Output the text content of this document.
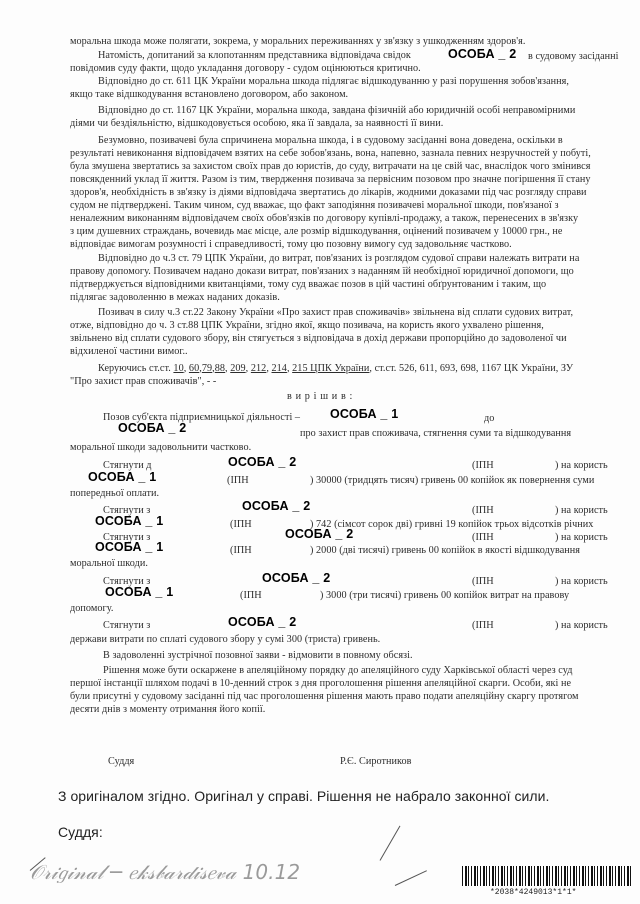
моральна шкода може полягати, зокрема, у моральних переживаннях у зв'язку з ушкодженням здоров'я.
Натомість, допитаний за клопотанням представника відповідача свідок	ОСОБА _ 2 в судовому засіданні
повідомив суду факти, щодо укладання договору - судом оцінюються критично.
Відповідно до ст. 611 ЦК України моральна шкода підлягає відшкодуванню у разі порушення зобов'язання,
якщо таке відшкодування встановлено договором, або законом.
Відповідно до ст. 1167 ЦК України, моральна шкода, завдана фізичній або юридичній особі неправомірними
діями чи бездіяльністю, відшкодовується особою, яка її завдала, за наявності її вини.
Безумовно, позивачеві була спричинена моральна шкода, і в судовому засіданні вона доведена, оскільки в
результаті невиконання відповідачем взятих на себе зобов'язань, вона, напевно, зазнала певних незручностей у побуті,
була змушена звертатись за захистом своїх прав до юристів, до суду, витрачати на це свій час, внаслідок чого змінився
повсякденний уклад її життя. Разом із тим, твердження позивача за первісним позовом про значне погіршення її стану
здоров'я, необхідність в зв'язку із діями відповідача звертатись до лікарів, жодними доказами під час розгляду справи
судом не підтверджені. Таким чином, суд вважає, що факт заподіяння позивачеві моральної шкоди, пов'язаної з
неналежним виконанням відповідачем своїх обов'язків по договору купівлі-продажу, а також, перенесених в зв'язку
з цим душевних страждань, вочевидь має місце, але розмір відшкодування, оцінений позивачем у 10000 грн., не
відповідає вимогам розумності і справедливості, тому цю позовну вимогу суд задовольняє частково.
Відповідно до ч.3 ст. 79 ЦПК України, до витрат, пов'язаних із розглядом судової справи належать витрати на
правову допомогу. Позивачем надано докази витрат, пов'язаних з наданням їй необхідної юридичної допомоги, що
підтверджується відповідними квитанціями, тому суд вважає позов в цій частині обґрунтованим і таким, що
підлягає задоволенню в межах наданих доказів.
Позивач в силу ч.3 ст.22 Закону України «Про захист прав споживачів» звільнена від сплати судових витрат,
отже, відповідно до ч. 3 ст.88 ЦПК України, згідно якої, якщо позивача, на користь якого ухвалено рішення,
звільнено від сплати судового збору, він стягується з відповідача в дохід держави пропорційно до задоволеної чи
відхиленої частини вимог..
Керуючись ст.ст. 10, 60,79,88, 209, 212, 214, 215 ЦПК України, ст.ст. 526, 611, 693, 698, 1167 ЦК України, ЗУ
"Про захист прав споживачів", - -
в и р і ш и в :
Позов суб'єкта підприємницької діяльності – ОСОБА _ 1	до
ОСОБА _ 2	про захист прав споживача, стягнення суми та відшкодування
моральної шкоди задовольнити частково.
Стягнути д	ОСОБА _ 2	(ІПН	) на користь
ОСОБА _ 1	(ІПН	) 30000 (тридцять тисяч) гривень 00 копійок як повернення суми
попередньої оплати.
Стягнути з	ОСОБА _ 2	(ІПН	) на користь
ОСОБА _ 1	(ІПН	) 742 (сімсот сорок дві) гривні 19 копійок трьох відсотків річних
Стягнути з	ОСОБА _ 2	(ІПН	) на користь
ОСОБА _ 1	(ІПН	) 2000 (дві тисячі) гривень 00 копійок в якості відшкодування
моральної шкоди.
Стягнути з	ОСОБА _ 2	(ІПН	) на користь
ОСОБА _ 1	(ІПН	) 3000 (три тисячі) гривень 00 копійок витрат на правову
допомогу.
Стягнути з	ОСОБА _ 2	(ІПН	) на користь
держави витрати по сплаті судового збору у сумі 300 (триста) гривень.
В задоволенні зустрічної позовної заяви - відмовити в повному обсязі.
Рішення може бути оскаржене в апеляційному порядку до апеляційного суду Харківської області через суд
першої інстанції шляхом подачі в 10-денний строк з дня проголошення рішення апеляційної скарги. Особи, які не
були присутні у судовому засіданні під час проголошення рішення мають право подати апеляційну скаргу протягом
десяти днів з моменту отримання його копії.
Суддя	Р.Є. Сиротников
З оригіналом згідно. Оригінал у справі. Рішення не набрало законної сили.
Суддя:
𝒪𝓇𝒾𝑔𝒾𝓃𝒶𝓁 ─ 𝑒𝓀𝓈𝒷𝒶𝓇𝒹𝒾𝓈𝑒𝓋𝒶 10.12
*2038*4249013*1*1*
